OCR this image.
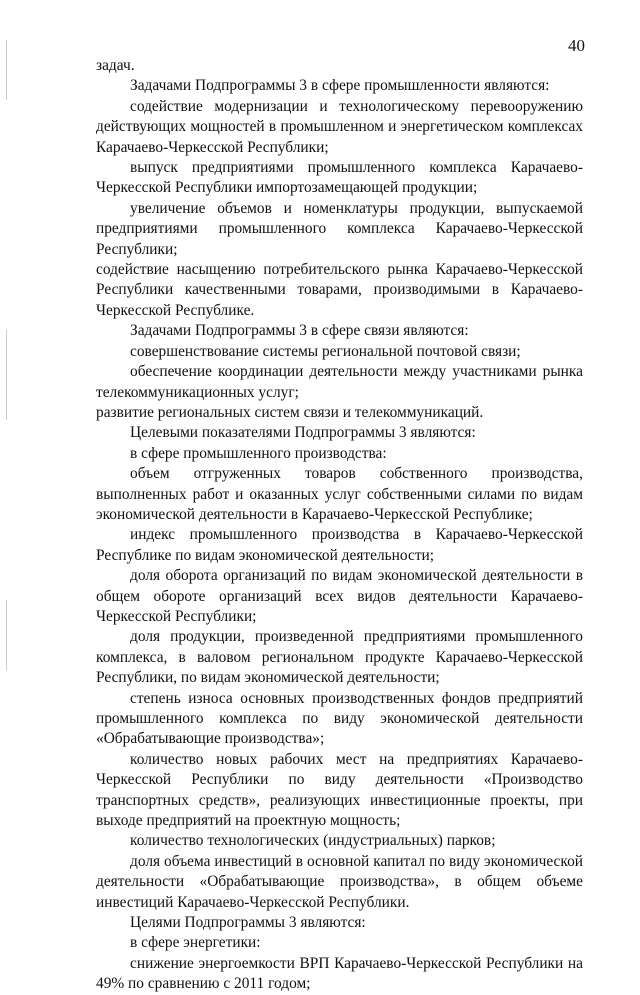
40

задач.

Задачами Подпрограммы 3 в сфере промышленности являются:

содействие модернизации и технологическому перевооружению действующих мощностей в промышленном и энергетическом комплексах Карачаево-Черкесской Республики;

выпуск предприятиями промышленного комплекса Карачаево-Черкесской Республики импортозамещающей продукции;

увеличение объемов и номенклатуры продукции, выпускаемой предприятиями промышленного комплекса Карачаево-Черкесской Республики;

содействие насыщению потребительского рынка Карачаево-Черкесской Республики качественными товарами, производимыми в Карачаево-Черкесской Республике.

Задачами Подпрограммы 3 в сфере связи являются:

совершенствование системы региональной почтовой связи;

обеспечение координации деятельности между участниками рынка телекоммуникационных услуг;

развитие региональных систем связи и телекоммуникаций.

Целевыми показателями Подпрограммы 3 являются:

в сфере промышленного производства:

объем отгруженных товаров собственного производства, выполненных работ и оказанных услуг собственными силами по видам экономической деятельности в Карачаево-Черкесской Республике;

индекс промышленного производства в Карачаево-Черкесской Республике по видам экономической деятельности;

доля оборота организаций по видам экономической деятельности в общем обороте организаций всех видов деятельности Карачаево-Черкесской Республики;

доля продукции, произведенной предприятиями промышленного комплекса, в валовом региональном продукте Карачаево-Черкесской Республики, по видам экономической деятельности;

степень износа основных производственных фондов предприятий промышленного комплекса по виду экономической деятельности «Обрабатывающие производства»;

количество новых рабочих мест на предприятиях Карачаево-Черкесской Республики по виду деятельности «Производство транспортных средств», реализующих инвестиционные проекты, при выходе предприятий на проектную мощность;

количество технологических (индустриальных) парков;

доля объема инвестиций в основной капитал по виду экономической деятельности «Обрабатывающие производства», в общем объеме инвестиций Карачаево-Черкесской Республики.

Целями Подпрограммы 3 являются:

в сфере энергетики:

снижение энергоемкости ВРП Карачаево-Черкесской Республики на 49% по сравнению с 2011 годом;
